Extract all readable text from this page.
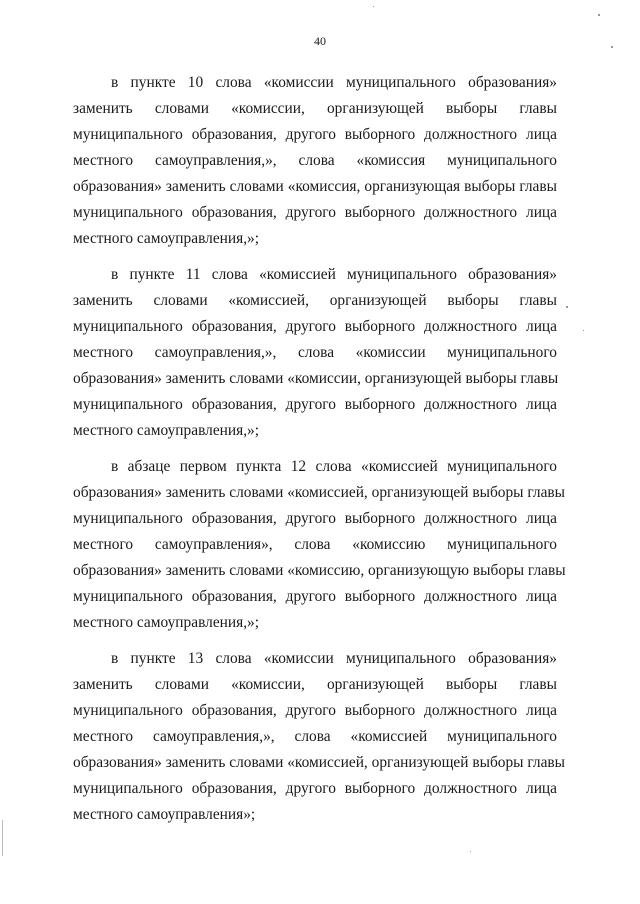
40
в пункте 10 слова «комиссии муниципального образования»
заменить словами «комиссии, организующей выборы главы
муниципального образования, другого выборного должностного лица
местного самоуправления,», слова «комиссия муниципального
образования» заменить словами «комиссия, организующая выборы главы
муниципального образования, другого выборного должностного лица
местного самоуправления,»;
в пункте 11 слова «комиссией муниципального образования»
заменить словами «комиссией, организующей выборы главы
муниципального образования, другого выборного должностного лица
местного самоуправления,», слова «комиссии муниципального
образования» заменить словами «комиссии, организующей выборы главы
муниципального образования, другого выборного должностного лица
местного самоуправления,»;
в абзаце первом пункта 12 слова «комиссией муниципального
образования» заменить словами «комиссией, организующей выборы главы
муниципального образования, другого выборного должностного лица
местного самоуправления», слова «комиссию муниципального
образования» заменить словами «комиссию, организующую выборы главы
муниципального образования, другого выборного должностного лица
местного самоуправления,»;
в пункте 13 слова «комиссии муниципального образования»
заменить словами «комиссии, организующей выборы главы
муниципального образования, другого выборного должностного лица
местного самоуправления,», слова «комиссией муниципального
образования» заменить словами «комиссией, организующей выборы главы
муниципального образования, другого выборного должностного лица
местного самоуправления»;
